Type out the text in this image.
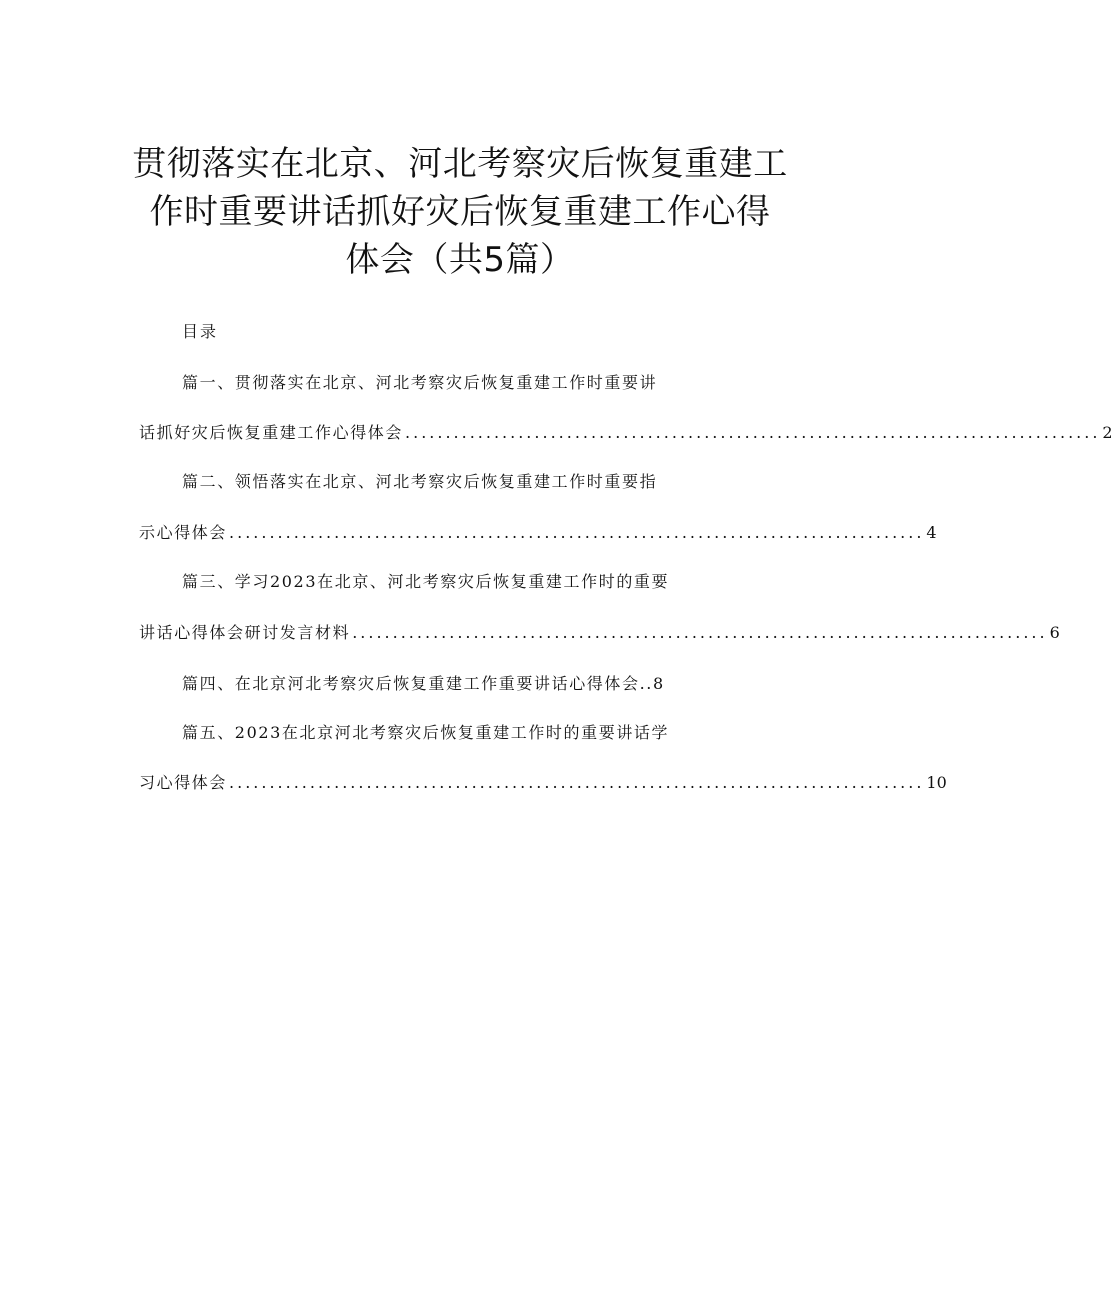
贯彻落实在北京、河北考察灾后恢复重建工
作时重要讲话抓好灾后恢复重建工作心得
体会（共5篇）
目录
篇一、贯彻落实在北京、河北考察灾后恢复重建工作时重要讲
话抓好灾后恢复重建工作心得体会 ...................................................................................... 2
篇二、领悟落实在北京、河北考察灾后恢复重建工作时重要指
示心得体会 ...................................................................................... 4
篇三、学习2023在北京、河北考察灾后恢复重建工作时的重要
讲话心得体会研讨发言材料 ...................................................................................... 6
篇四、在北京河北考察灾后恢复重建工作重要讲话心得体会.. 8
篇五、2023在北京河北考察灾后恢复重建工作时的重要讲话学
习心得体会 ...................................................................................... 10
